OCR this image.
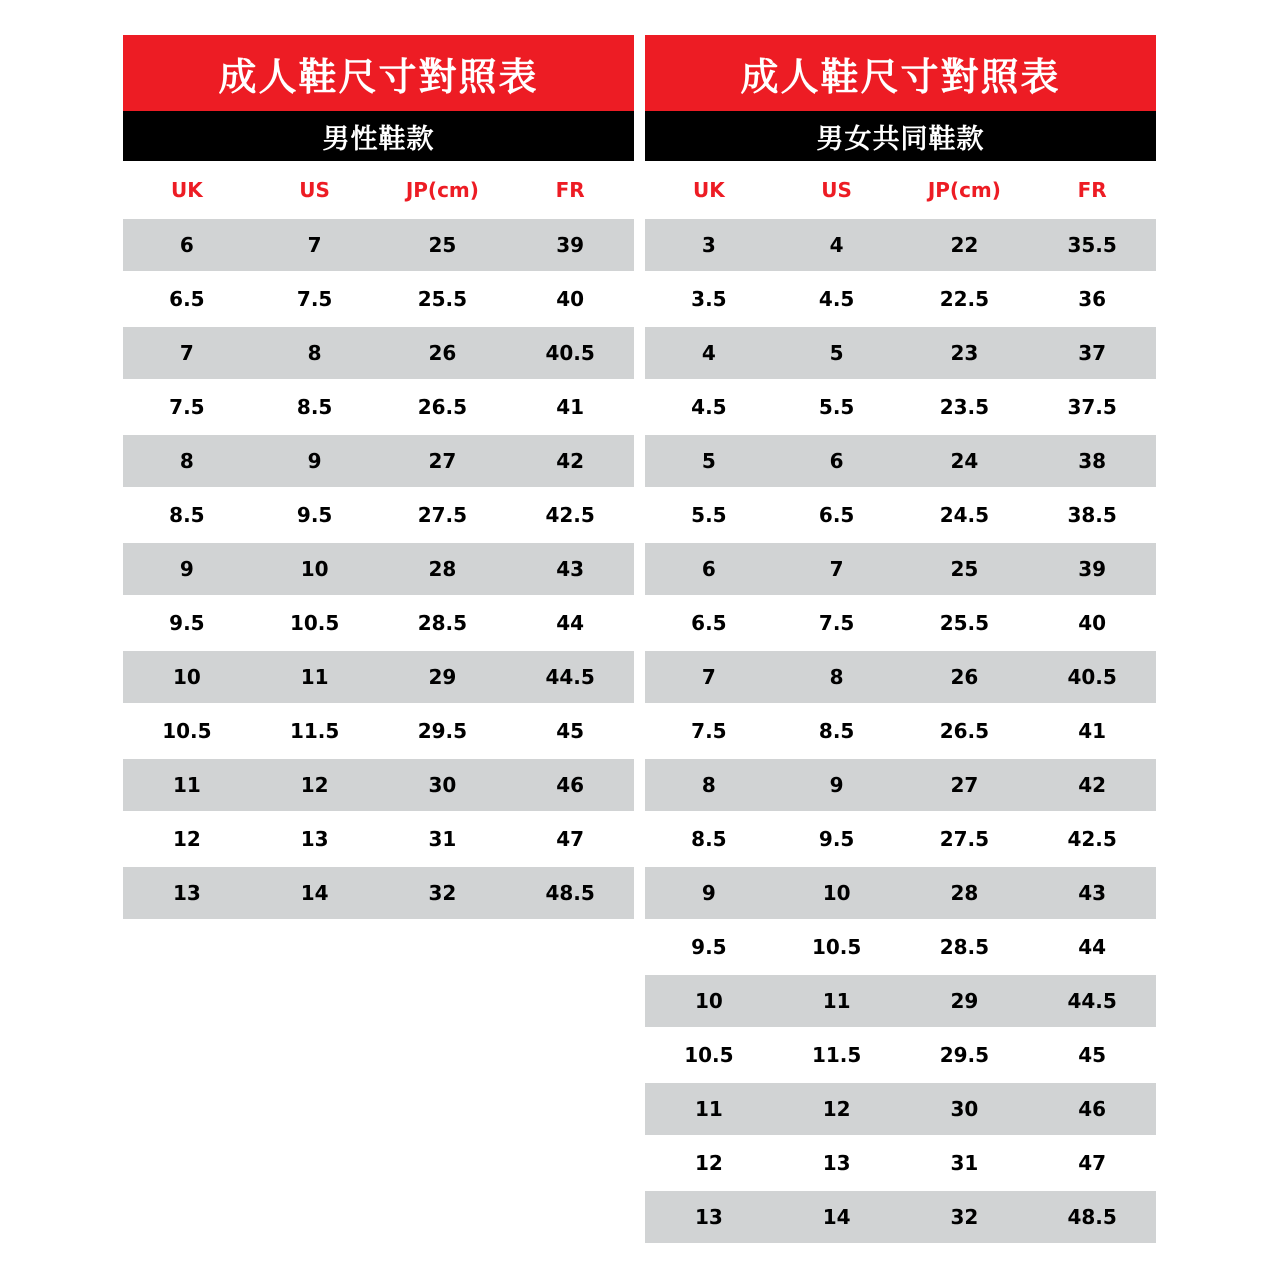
成人鞋尺寸對照表
男性鞋款
UK	US	JP(cm)	FR
6	7	25	39
6.5	7.5	25.5	40
7	8	26	40.5
7.5	8.5	26.5	41
8	9	27	42
8.5	9.5	27.5	42.5
9	10	28	43
9.5	10.5	28.5	44
10	11	29	44.5
10.5	11.5	29.5	45
11	12	30	46
12	13	31	47
13	14	32	48.5
成人鞋尺寸對照表
男女共同鞋款
UK	US	JP(cm)	FR
3	4	22	35.5
3.5	4.5	22.5	36
4	5	23	37
4.5	5.5	23.5	37.5
5	6	24	38
5.5	6.5	24.5	38.5
6	7	25	39
6.5	7.5	25.5	40
7	8	26	40.5
7.5	8.5	26.5	41
8	9	27	42
8.5	9.5	27.5	42.5
9	10	28	43
9.5	10.5	28.5	44
10	11	29	44.5
10.5	11.5	29.5	45
11	12	30	46
12	13	31	47
13	14	32	48.5
